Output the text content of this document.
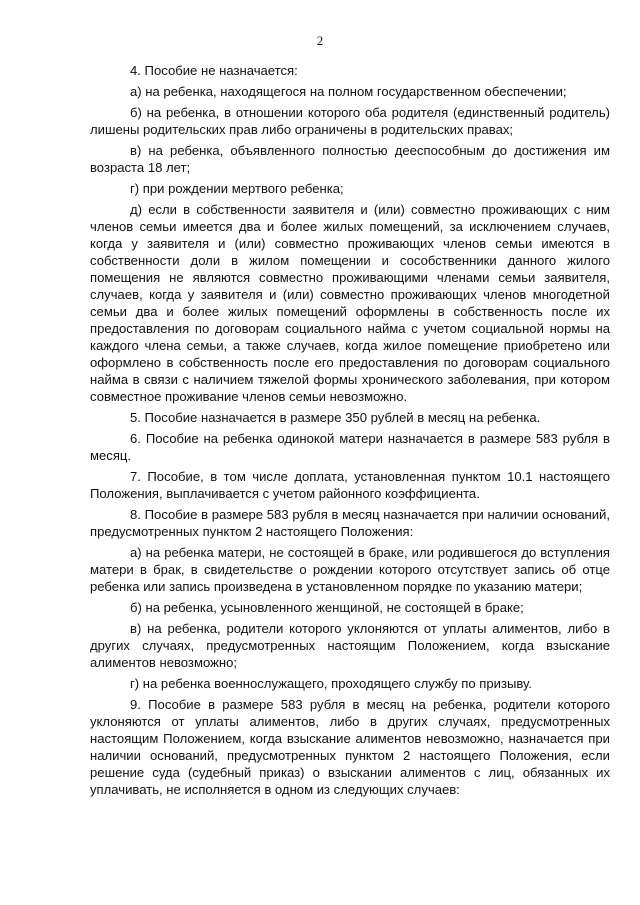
2

4. Пособие не назначается:

а) на ребенка, находящегося на полном государственном обеспечении;

б) на ребенка, в отношении которого оба родителя (единственный родитель) лишены родительских прав либо ограничены в родительских правах;

в) на ребенка, объявленного полностью дееспособным до достижения им возраста 18 лет;

г) при рождении мертвого ребенка;

д) если в собственности заявителя и (или) совместно проживающих с ним членов семьи имеется два и более жилых помещений, за исключением случаев, когда у заявителя и (или) совместно проживающих членов семьи имеются в собственности доли в жилом помещении и сособственники данного жилого помещения не являются совместно проживающими членами семьи заявителя, случаев, когда у заявителя и (или) совместно проживающих членов многодетной семьи два и более жилых помещений оформлены в собственность после их предоставления по договорам социального найма с учетом социальной нормы на каждого члена семьи, а также случаев, когда жилое помещение приобретено или оформлено в собственность после его предоставления по договорам социального найма в связи с наличием тяжелой формы хронического заболевания, при котором совместное проживание членов семьи невозможно.

5. Пособие назначается в размере 350 рублей в месяц на ребенка.

6. Пособие на ребенка одинокой матери назначается в размере 583 рубля в месяц.

7. Пособие, в том числе доплата, установленная пунктом 10.1 настоящего Положения, выплачивается с учетом районного коэффициента.

8. Пособие в размере 583 рубля в месяц назначается при наличии оснований, предусмотренных пунктом 2 настоящего Положения:

а) на ребенка матери, не состоящей в браке, или родившегося до вступления матери в брак, в свидетельстве о рождении которого отсутствует запись об отце ребенка или запись произведена в установленном порядке по указанию матери;

б) на ребенка, усыновленного женщиной, не состоящей в браке;

в) на ребенка, родители которого уклоняются от уплаты алиментов, либо в других случаях, предусмотренных настоящим Положением, когда взыскание алиментов невозможно;

г) на ребенка военнослужащего, проходящего службу по призыву.

9. Пособие в размере 583 рубля в месяц на ребенка, родители которого уклоняются от уплаты алиментов, либо в других случаях, предусмотренных настоящим Положением, когда взыскание алиментов невозможно, назначается при наличии оснований, предусмотренных пунктом 2 настоящего Положения, если решение суда (судебный приказ) о взыскании алиментов с лиц, обязанных их уплачивать, не исполняется в одном из следующих случаев:
